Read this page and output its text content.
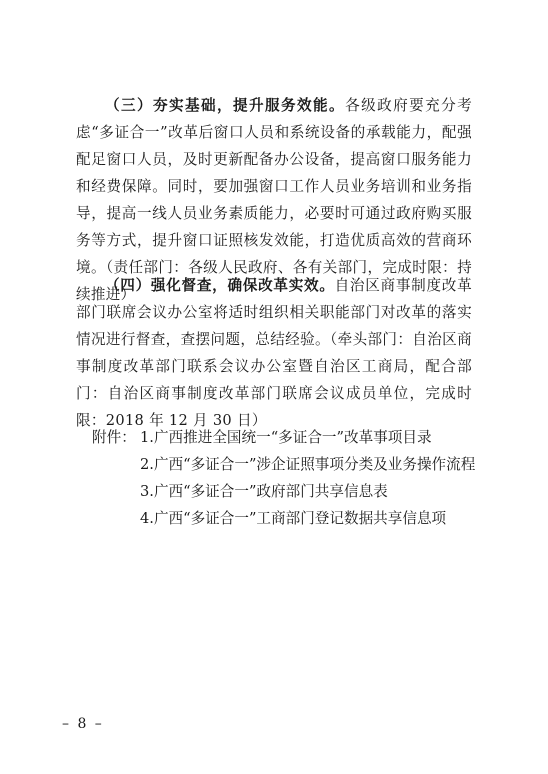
（三）夯实基础，提升服务效能。各级政府要充分考虑“多证合一”改革后窗口人员和系统设备的承载能力，配强配足窗口人员，及时更新配备办公设备，提高窗口服务能力和经费保障。同时，要加强窗口工作人员业务培训和业务指导，提高一线人员业务素质能力，必要时可通过政府购买服务等方式，提升窗口证照核发效能，打造优质高效的营商环境。（责任部门：各级人民政府、各有关部门，完成时限：持续推进）

（四）强化督查，确保改革实效。自治区商事制度改革部门联席会议办公室将适时组织相关职能部门对改革的落实情况进行督查，查摆问题，总结经验。（牵头部门：自治区商事制度改革部门联系会议办公室暨自治区工商局，配合部门：自治区商事制度改革部门联席会议成员单位，完成时限：2018 年 12 月 30 日）

附件： 1. 广西推进全国统一“多证合一”改革事项目录
2. 广西“多证合一”涉企证照事项分类及业务操作流程
3. 广西“多证合一”政府部门共享信息表
4. 广西“多证合一”工商部门登记数据共享信息项
– 8 –
